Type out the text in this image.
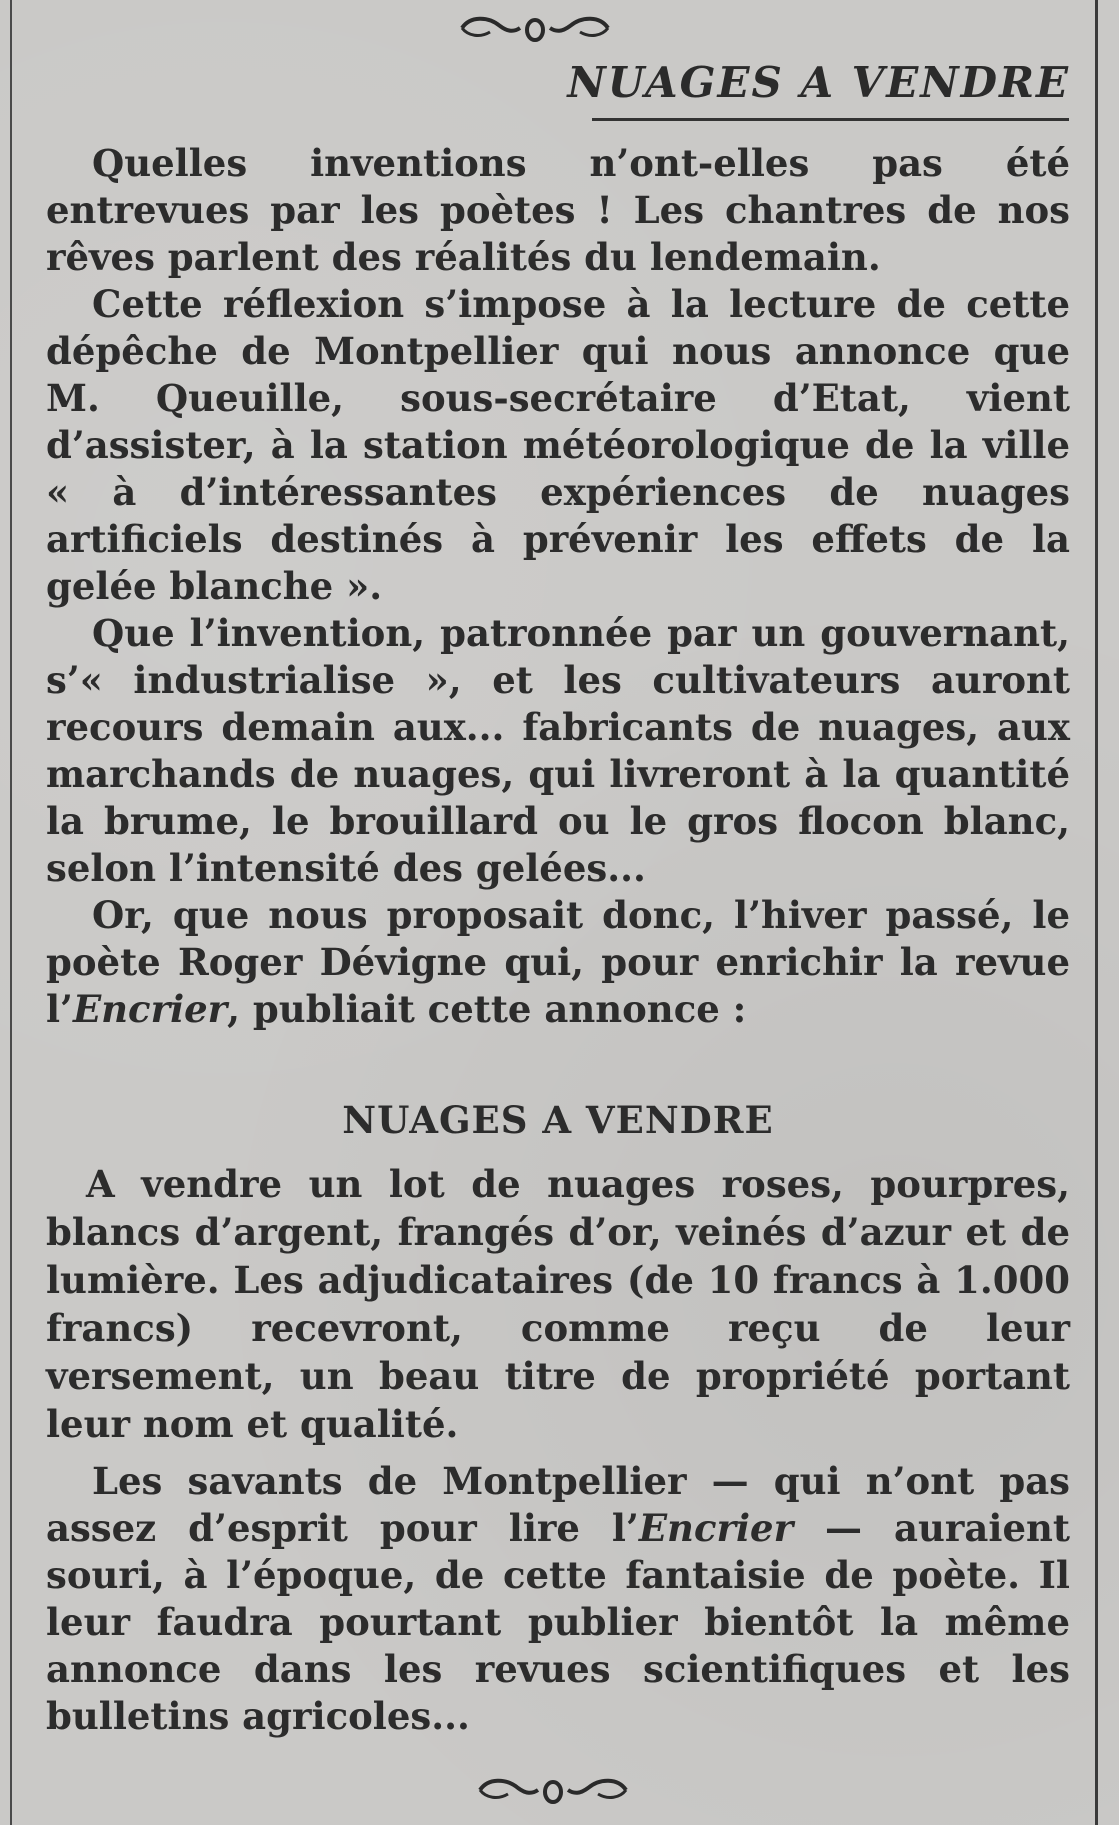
NUAGES A VENDRE

Quelles inventions n’ont-elles pas été entrevues par les poètes ! Les chantres de nos rêves parlent des réalités du lendemain.

Cette réflexion s’impose à la lecture de cette dépêche de Montpellier qui nous annonce que M. Queuille, sous-secrétaire d’Etat, vient d’assister, à la station météorologique de la ville « à d’intéressantes expériences de nuages artificiels destinés à prévenir les effets de la gelée blanche ».

Que l’invention, patronnée par un gouvernant, s’« industrialise », et les cultivateurs auront recours demain aux... fabricants de nuages, aux marchands de nuages, qui livreront à la quantité la brume, le brouillard ou le gros flocon blanc, selon l’intensité des gelées...

Or, que nous proposait donc, l’hiver passé, le poète Roger Dévigne qui, pour enrichir la revue l’Encrier, publiait cette annonce :

NUAGES A VENDRE

A vendre un lot de nuages roses, pourpres, blancs d’argent, frangés d’or, veinés d’azur et de lumière. Les adjudicataires (de 10 francs à 1.000 francs) recevront, comme reçu de leur versement, un beau titre de propriété portant leur nom et qualité.

Les savants de Montpellier — qui n’ont pas assez d’esprit pour lire l’Encrier — auraient souri, à l’époque, de cette fantaisie de poète. Il leur faudra pourtant publier bientôt la même annonce dans les revues scientifiques et les bulletins agricoles...
